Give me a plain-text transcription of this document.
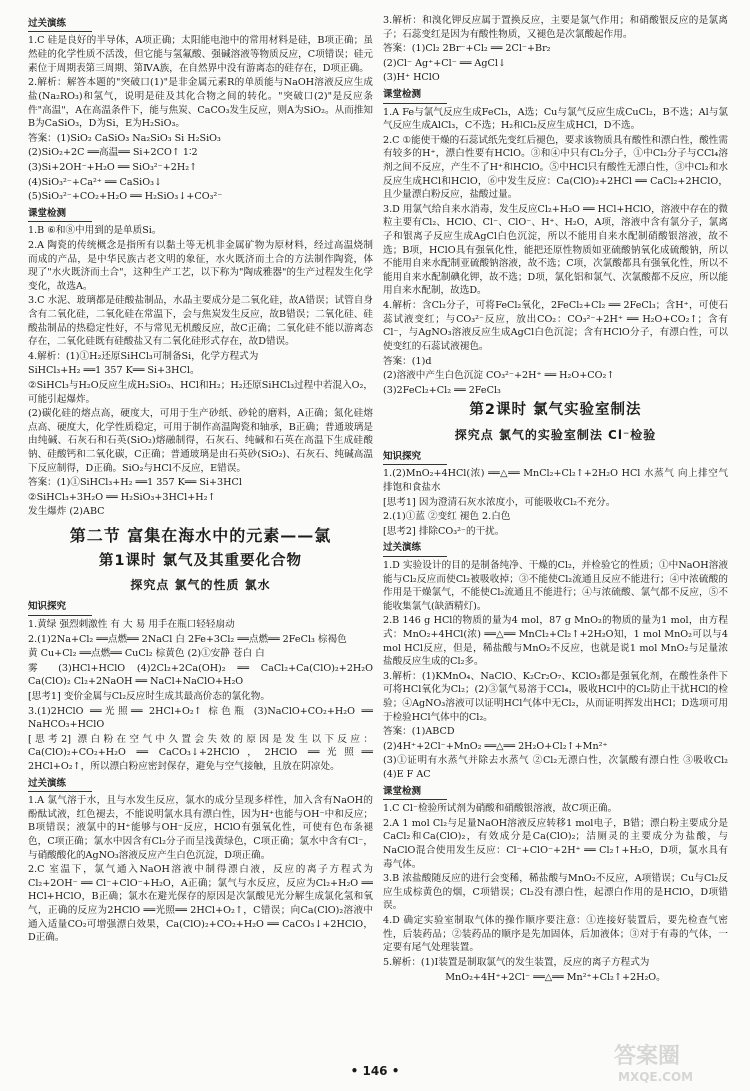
过关演练

1.C 硅是良好的半导体，A项正确；太阳能电池中的常用材料是硅，B项正确；虽然硅的化学性质不活泼，但它能与氢氟酸、强碱溶液等物质反应，C项错误；硅元素位于周期表第三周期、第ⅣA族，在自然界中没有游离态的硅存在，D项正确。

2.解析：解答本题的"突破口(1)"是非金属元素R的单质能与NaOH溶液反应生成盐(Na₂RO₃)和氢气，说明是硅及其化合物之间的转化。"突破口(2)"是反应条件"高温"，A在高温条件下，能与焦炭、CaCO₃发生反应，则A为SiO₂。从而推知B为CaSiO₃，D为Si，E为H₂SiO₃。

答案：(1)SiO₂ CaSiO₃ Na₂SiO₃ Si H₂SiO₃

(2)SiO₂+2C ══高温══ Si+2CO↑ 1∶2

(3)Si+2OH⁻+H₂O ══ SiO₃²⁻+2H₂↑

(4)SiO₃²⁻+Ca²⁺ ══ CaSiO₃↓

(5)SiO₃²⁻+CO₂+H₂O ══ H₂SiO₃↓+CO₃²⁻

课堂检测

1.B ⑥和⑧中用到的是单质Si。

2.A 陶瓷的传统概念是指所有以黏土等无机非金属矿物为原材料，经过高温烧制而成的产品，是中华民族古老文明的象征，水火既济而土合的方法制作陶瓷，体现了"水火既济而土合"，这种生产工艺，以下称为"陶成雅器"的生产过程发生化学变化，故选A。

3.C 水泥、玻璃都是硅酸盐制品，水晶主要成分是二氧化硅，故A错误；试管自身含有二氧化硅，二氧化硅在常温下，会与焦炭发生反应，故B错误；二氧化硅、硅酸盐制品的热稳定性好，不与常见无机酸反应，故C正确；二氧化硅不能以游离态存在，二氧化硅既有硅酸盐又有二氧化硅形式存在，故D错误。

4.解析：(1)①H₂还原SiHCl₃可制备Si，化学方程式为

SiHCl₃+H₂ ══1 357 K══ Si+3HCl。

②SiHCl₃与H₂O反应生成H₂SiO₃、HCl和H₂；H₂还原SiHCl₃过程中若混入O₂，可能引起爆炸。

(2)碳化硅的熔点高，硬度大，可用于生产砂纸、砂轮的磨料，A正确；氮化硅熔点高、硬度大，化学性质稳定，可用于制作高温陶瓷和轴承，B正确；普通玻璃是由纯碱、石灰石和石英(SiO₂)熔融制得，石灰石、纯碱和石英在高温下生成硅酸钠、硅酸钙和二氧化碳，C正确；普通玻璃是由石英砂(SiO₂)、石灰石、纯碱高温下反应制得，D正确。SiO₂与HCl不反应，E错误。

答案：(1)①SiHCl₃+H₂ ══1 357 K══ Si+3HCl

②SiHCl₃+3H₂O ══ H₂SiO₃+3HCl+H₂↑

发生爆炸 (2)ABC

第二节 富集在海水中的元素——氯
第1课时 氯气及其重要化合物
探究点 氯气的性质 氯水
知识探究

1.黄绿 强烈刺激性 有 大 易 用手在瓶口轻轻扇动

2.(1)2Na+Cl₂ ══点燃══ 2NaCl 白 2Fe+3Cl₂ ══点燃══ 2FeCl₃ 棕褐色

黄 Cu+Cl₂ ══点燃══ CuCl₂ 棕黄色 (2)①安静 苍白 白

雾 (3)HCl+HClO (4)2Cl₂+2Ca(OH)₂ ══ CaCl₂+Ca(ClO)₂+2H₂O Ca(ClO)₂ Cl₂+2NaOH ══ NaCl+NaClO+H₂O

[思考1] 变价金属与Cl₂反应时生成其最高价态的氯化物。

3.(1)2HClO ══光照══ 2HCl+O₂↑ 棕色瓶 (3)NaClO+CO₂+H₂O ══ NaHCO₃+HClO

[思考2] 漂白粉在空气中久置会失效的原因是发生以下反应：Ca(ClO)₂+CO₂+H₂O ══ CaCO₃↓+2HClO，2HClO ══光照══ 2HCl+O₂↑，所以漂白粉应密封保存，避免与空气接触，且放在阴凉处。

过关演练

1.A 氯气溶于水，且与水发生反应，氯水的成分呈现多样性，加入含有NaOH的酚酞试液，红色褪去，不能说明氯水具有漂白性，因为H⁺也能与OH⁻中和反应；B项错误；液氯中的H⁺能够与OH⁻反应，HClO有强氧化性，可使有色布条褪色，C项正确；氯水中因含有Cl₂分子而呈浅黄绿色，C项正确；氯水中含有Cl⁻，与硝酸酸化的AgNO₃溶液反应产生白色沉淀，D项正确。

2.C 室温下，氯气通入NaOH溶液中制得漂白液，反应的离子方程式为Cl₂+2OH⁻ ══ Cl⁻+ClO⁻+H₂O，A正确；氯气与水反应，反应为Cl₂+H₂O ══ HCl+HClO，B正确；氯水在避光保存的原因是次氯酸见光分解生成氯化氢和氧气，正确的反应为2HClO ══光照══ 2HCl+O₂↑，C错误；向Ca(ClO)₂溶液中通入适量CO₂可增强漂白效果，Ca(ClO)₂+CO₂+H₂O ══ CaCO₃↓+2HClO，D正确。

3.解析：和溴化钾反应属于置换反应，主要是氯气作用；和硝酸银反应的是氯离子；石蕊变红是因为有酸性物质，又褪色是次氯酸起作用。

答案：(1)Cl₂ 2Br⁻+Cl₂ ══ 2Cl⁻+Br₂

(2)Cl⁻ Ag⁺+Cl⁻ ══ AgCl↓

(3)H⁺ HClO

课堂检测

1.A Fe与氯气反应生成FeCl₃，A选；Cu与氯气反应生成CuCl₂，B不选；Al与氯气反应生成AlCl₃，C不选；H₂和Cl₂反应生成HCl，D不选。

2.C ①能使干燥的石蕊试纸先变红后褪色，要求该物质具有酸性和漂白性，酸性需有较多的H⁺，漂白性要有HClO。③和④中只有Cl₂分子，①中Cl₂分子与CCl₄溶剂之间不反应，产生不了H⁺和HClO。⑤中HCl只有酸性无漂白性，③中Cl₂和水反应生成HCl和HClO，⑥中发生反应：Ca(ClO)₂+2HCl ══ CaCl₂+2HClO，且少量漂白粉反应，盐酸过量。

3.D 用氯气给自来水消毒，发生反应Cl₂+H₂O ══ HCl+HClO，溶液中存在的微粒主要有Cl₂、HClO、Cl⁻、ClO⁻、H⁺、H₂O，A项，溶液中含有氯分子，氯离子和银离子反应生成AgCl白色沉淀，所以不能用自来水配制硝酸银溶液，故不选；B项，HClO具有强氧化性，能把还原性物质如亚硫酸钠氧化成硫酸钠，所以不能用自来水配制亚硫酸钠溶液，故不选；C项，次氯酸都具有强氧化性，所以不能用自来水配制碘化钾，故不选；D项，氯化铝和氯气、次氯酸都不反应，所以能用自来水配制，故选D。

4.解析：含Cl₂分子，可将FeCl₂氧化，2FeCl₂+Cl₂ ══ 2FeCl₃；含H⁺，可使石蕊试液变红；与CO₃²⁻反应，放出CO₂：CO₃²⁻+2H⁺ ══ H₂O+CO₂↑；含有Cl⁻，与AgNO₃溶液反应生成AgCl白色沉淀；含有HClO分子，有漂白性，可以使变红的石蕊试液褪色。

答案：(1)d

(2)溶液中产生白色沉淀 CO₃²⁻+2H⁺ ══ H₂O+CO₂↑

(3)2FeCl₂+Cl₂ ══ 2FeCl₃

第2课时 氯气实验室制法
探究点 氯气的实验室制法 Cl⁻检验
知识探究

1.(2)MnO₂+4HCl(浓) ══△══ MnCl₂+Cl₂↑+2H₂O HCl 水蒸气 向上排空气 排饱和食盐水

[思考1] 因为澄清石灰水浓度小，可能吸收Cl₂不充分。

2.(1)①蓝 ②变红 褪色 2.白色

[思考2] 排除CO₃²⁻的干扰。

过关演练

1.D 实验设计的目的是制备纯净、干燥的Cl₂，并检验它的性质；①中NaOH溶液能与Cl₂反应而使Cl₂被吸收掉；③不能使Cl₂流通且反应不能进行；④中浓硫酸的作用是干燥氯气，不能使Cl₂流通且不能进行；④与浓硫酸、氯气都不反应，⑤不能收集氯气(缺酒精灯)。

2.B 146 g HCl的物质的量为4 mol，87 g MnO₂的物质的量为1 mol，由方程式：MnO₂+4HCl(浓) ══△══ MnCl₂+Cl₂↑+2H₂O知，1 mol MnO₂可以与4 mol HCl反应，但是，稀盐酸与MnO₂不反应，也就是说1 mol MnO₂与足量浓盐酸反应生成的Cl₂多。

3.解析：(1)KMnO₄、NaClO、K₂Cr₂O₇、KClO₃都是强氧化剂，在酸性条件下可将HCl氧化为Cl₂；(2)③氯气易溶于CCl₄，吸收HCl中的Cl₂防止干扰HCl的检验；④AgNO₃溶液可以证明HCl气体中无Cl₂，从而证明挥发出HCl；D选项可用于检验HCl气体中的Cl₂。

答案：(1)ABCD

(2)4H⁺+2Cl⁻+MnO₂ ══△══ 2H₂O+Cl₂↑+Mn²⁺

(3)①证明有水蒸气并除去水蒸气 ②Cl₂无漂白性，次氯酸有漂白性 ③吸收Cl₂ (4)E F AC

课堂检测

1.C Cl⁻检验所试剂为硝酸和硝酸银溶液，故C项正确。

2.A 1 mol Cl₂与足量NaOH溶液反应转移1 mol电子，B错；漂白粉主要成分是CaCl₂和Ca(ClO)₂，有效成分是Ca(ClO)₂；洁厕灵的主要成分为盐酸，与NaClO混合使用发生反应：Cl⁻+ClO⁻+2H⁺ ══ Cl₂↑+H₂O，D项，氯水具有毒气体。

3.B 浓盐酸随反应的进行会变稀，稀盐酸与MnO₂不反应，A项错误；Cu与Cl₂反应生成棕黄色的烟，C项错误；Cl₂没有漂白性，起漂白作用的是HClO，D项错误。

4.D 确定实验室制取气体的操作顺序要注意：①连接好装置后，要先检查气密性，后装药品；②装药品的顺序是先加固体，后加液体；③对于有毒的气体，一定要有尾气处理装置。

5.解析：(1)Ⅰ装置是制取氯气的发生装置，反应的离子方程式为

MnO₂+4H⁺+2Cl⁻ ══△══ Mn²⁺+Cl₂↑+2H₂O。

• 146 •
答案圈
MXQE.COM
